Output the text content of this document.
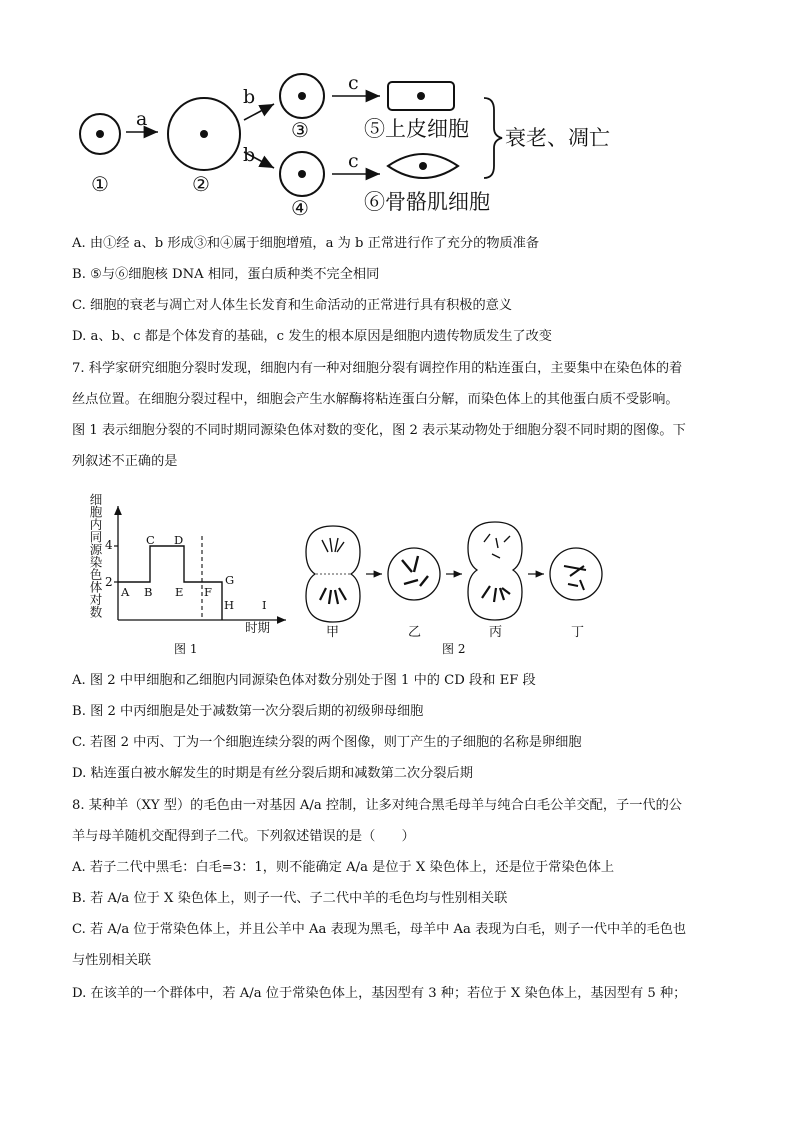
a
b
b
c
c
①	②
③
④
⑤上皮细胞
⑥骨骼肌细胞
衰老、凋亡
A. 由①经 a、b 形成③和④属于细胞增殖，a 为 b 正常进行作了充分的物质准备
B. ⑤与⑥细胞核 DNA 相同，蛋白质种类不完全相同
C. 细胞的衰老与凋亡对人体生长发育和生命活动的正常进行具有积极的意义
D. a、b、c 都是个体发育的基础，c 发生的根本原因是细胞内遗传物质发生了改变
7. 科学家研究细胞分裂时发现，细胞内有一种对细胞分裂有调控作用的粘连蛋白，主要集中在染色体的着
丝点位置。在细胞分裂过程中，细胞会产生水解酶将粘连蛋白分解，而染色体上的其他蛋白质不受影响。
图 1 表示细胞分裂的不同时期同源染色体对数的变化，图 2 表示某动物处于细胞分裂不同时期的图像。下
列叙述不正确的是
细胞内同源染色体对数 4
2
A B
C D
E F
G
H I
时期
图 1
甲	乙	丙	丁
图 2
A. 图 2 中甲细胞和乙细胞内同源染色体对数分别处于图 1 中的 CD 段和 EF 段
B. 图 2 中丙细胞是处于减数第一次分裂后期的初级卵母细胞
C. 若图 2 中丙、丁为一个细胞连续分裂的两个图像，则丁产生的子细胞的名称是卵细胞
D. 粘连蛋白被水解发生的时期是有丝分裂后期和减数第二次分裂后期
8. 某种羊（XY 型）的毛色由一对基因 A/a 控制，让多对纯合黑毛母羊与纯合白毛公羊交配，子一代的公
羊与母羊随机交配得到子二代。下列叙述错误的是（　　）
A. 若子二代中黑毛：白毛=3：1，则不能确定 A/a 是位于 X 染色体上，还是位于常染色体上
B. 若 A/a 位于 X 染色体上，则子一代、子二代中羊的毛色均与性别相关联
C. 若 A/a 位于常染色体上，并且公羊中 Aa 表现为黑毛，母羊中 Aa 表现为白毛，则子一代中羊的毛色也
与性别相关联
D. 在该羊的一个群体中，若 A/a 位于常染色体上，基因型有 3 种；若位于 X 染色体上，基因型有 5 种；
